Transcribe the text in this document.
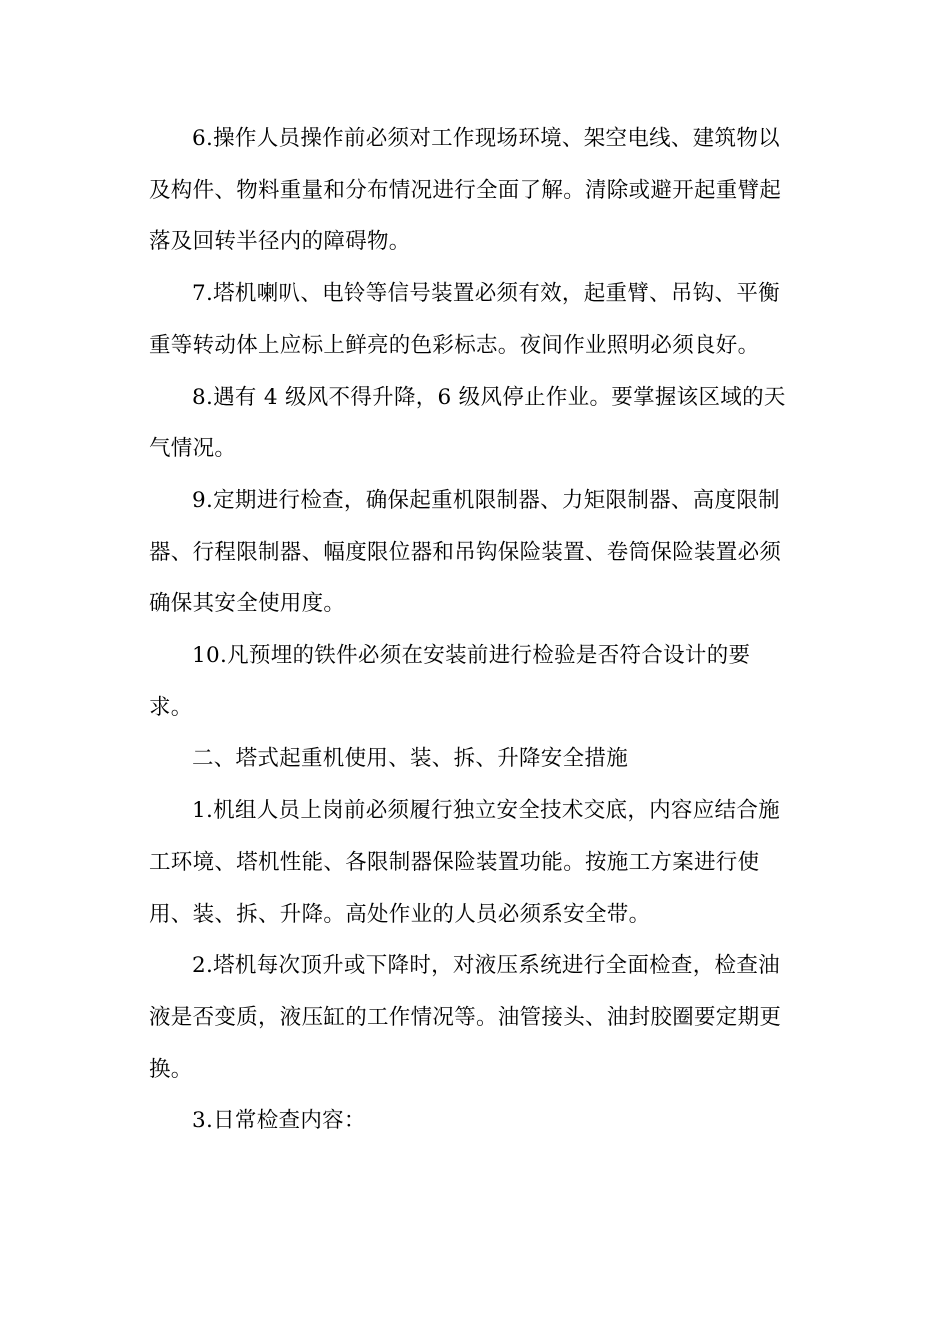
6.操作人员操作前必须对工作现场环境、架空电线、建筑物以
及构件、物料重量和分布情况进行全面了解。清除或避开起重臂起
落及回转半径内的障碍物。

7.塔机喇叭、电铃等信号装置必须有效，起重臂、吊钩、平衡
重等转动体上应标上鲜亮的色彩标志。夜间作业照明必须良好。

8.遇有 4 级风不得升降，6 级风停止作业。要掌握该区域的天
气情况。

9.定期进行检查，确保起重机限制器、力矩限制器、高度限制
器、行程限制器、幅度限位器和吊钩保险装置、卷筒保险装置必须
确保其安全使用度。

10.凡预埋的铁件必须在安装前进行检验是否符合设计的要
求。

二、塔式起重机使用、装、拆、升降安全措施

1.机组人员上岗前必须履行独立安全技术交底，内容应结合施
工环境、塔机性能、各限制器保险装置功能。按施工方案进行使
用、装、拆、升降。高处作业的人员必须系安全带。

2.塔机每次顶升或下降时，对液压系统进行全面检查，检查油
液是否变质，液压缸的工作情况等。油管接头、油封胶圈要定期更
换。

3.日常检查内容：
